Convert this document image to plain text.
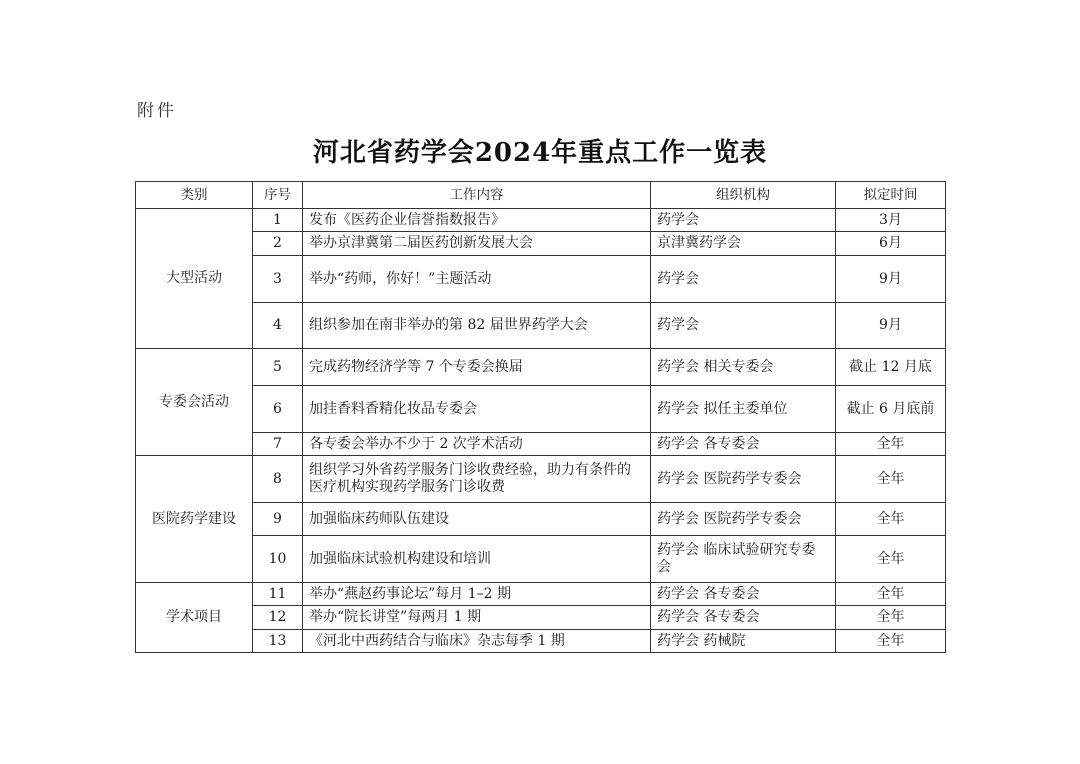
附件
河北省药学会2024年重点工作一览表
类别	序号	工作内容	组织机构	拟定时间
大型活动	1	发布《医药企业信誉指数报告》	药学会	3月
	2	举办京津冀第二届医药创新发展大会	京津冀药学会	6月
	3	举办“药师，你好！”主题活动	药学会	9月
	4	组织参加在南非举办的第 82 届世界药学大会	药学会	9月
专委会活动	5	完成药物经济学等 7 个专委会换届	药学会 相关专委会	截止 12 月底
	6	加挂香料香精化妆品专委会	药学会 拟任主委单位	截止 6 月底前
	7	各专委会举办不少于 2 次学术活动	药学会 各专委会	全年
医院药学建设	8	组织学习外省药学服务门诊收费经验，助力有条件的医疗机构实现药学服务门诊收费	药学会 医院药学专委会	全年
	9	加强临床药师队伍建设	药学会 医院药学专委会	全年
	10	加强临床试验机构建设和培训	药学会 临床试验研究专委会	全年
学术项目	11	举办“燕赵药事论坛”每月 1–2 期	药学会 各专委会	全年
	12	举办“院长讲堂”每两月 1 期	药学会 各专委会	全年
	13	《河北中西药结合与临床》杂志每季 1 期	药学会 药械院	全年
